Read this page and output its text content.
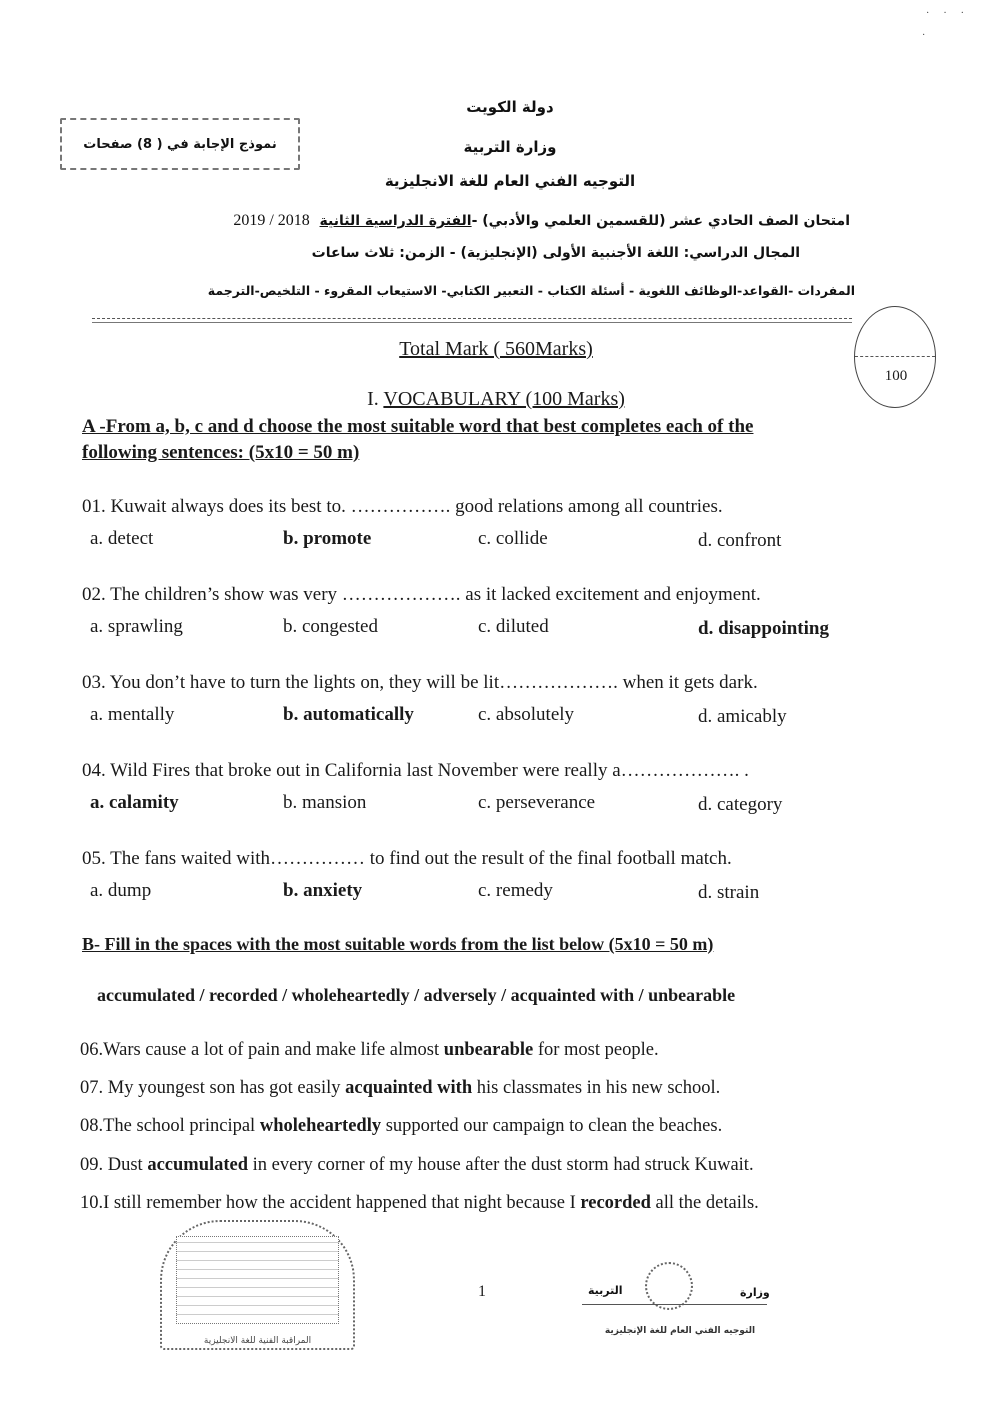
···
·
دولة الكويت
وزارة التربية
التوجيه الفني العام للغة الانجليزية
امتحان الصف الحادي عشر (للقسمين العلمي والأدبي) -الفترة الدراسية الثانية  2019 / 2018
المجال الدراسي: اللغة الأجنبية الأولى (الإنجليزية) - الزمن: ثلاث ساعات
المفردات -القواعد-الوظائف اللغوية - أسئلة الكتاب - التعبير الكتابي- الاستيعاب المقروء - التلخيص-الترجمة
نموذج الإجابة في ( 8) صفحات
100
Total Mark ( 560Marks)
I. VOCABULARY (100 Marks)
A -From a, b, c and d choose the most suitable word that best completes each of the
following sentences: (5x10 = 50 m)
01. Kuwait always does its best to. ……………. good relations among all countries.
a. detect	b. promote	c. collide	d. confront
02. The children’s show was very ………………. as it lacked excitement and enjoyment.
a. sprawling	b. congested	c. diluted	d. disappointing
03. You don’t have to turn the lights on, they will be lit………………. when it gets dark.
a. mentally	b. automatically	c. absolutely	d. amicably
04. Wild Fires that broke out in California last November were really a………………. .
a. calamity	b. mansion	c. perseverance	d. category
05. The fans waited with…………… to find out the result of the final football match.
a. dump	b. anxiety	c. remedy	d. strain
B- Fill in the spaces with the most suitable words from the list below (5x10 = 50 m)
accumulated / recorded / wholeheartedly / adversely / acquainted with / unbearable
06.Wars cause a lot of pain and make life almost unbearable for most people.
07. My youngest son has got easily acquainted with his classmates in his new school.
08.The school principal wholeheartedly supported our campaign to clean the beaches.
09. Dust accumulated in every corner of my house after the dust storm had struck Kuwait.
10.I still remember how the accident happened that night because I recorded all the details.
المراقبة الفنية للغة الانجليزية
1	التربية	وزارة
التوجيه الفني العام للغة الإنجليزية
